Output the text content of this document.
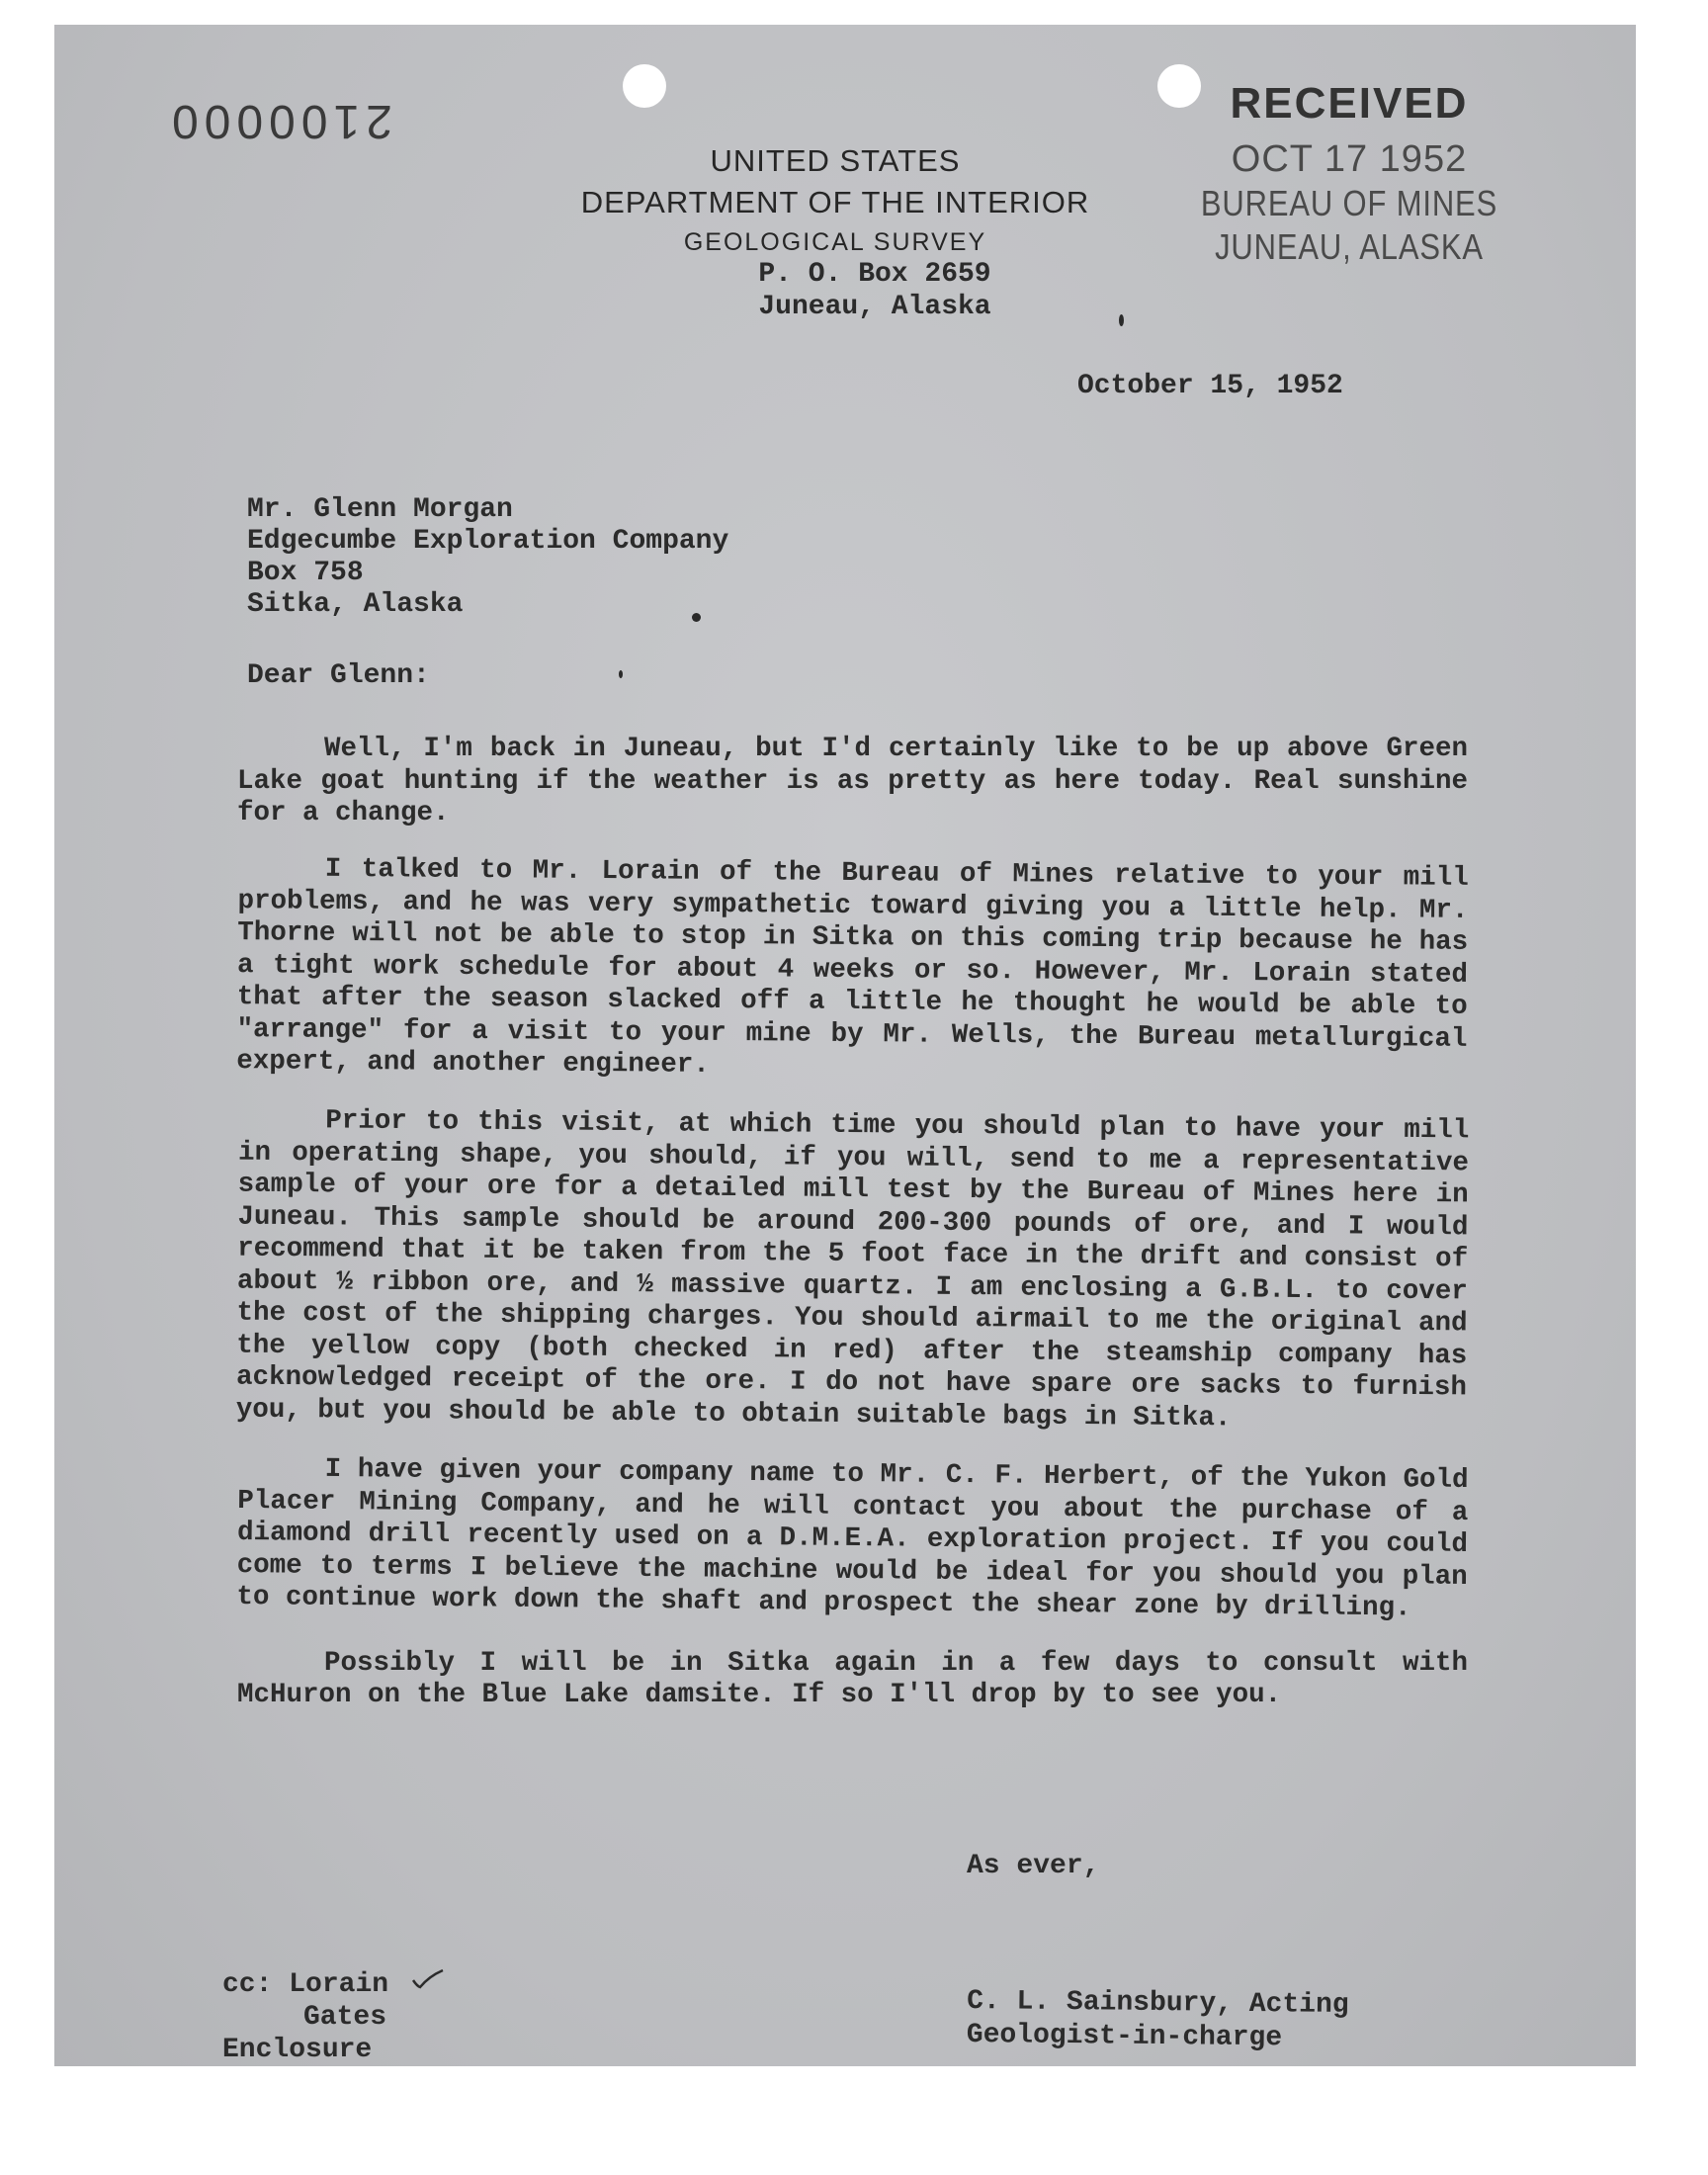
2100000	RECEIVED
OCT 17 1952
BUREAU OF MINES
JUNEAU, ALASKA
UNITED STATES
DEPARTMENT OF THE INTERIOR
GEOLOGICAL SURVEY
P. O. Box 2659
Juneau, Alaska
October 15, 1952
Mr. Glenn Morgan
Edgecumbe Exploration Company
Box 758
Sitka, Alaska
Dear Glenn:

Well, I'm back in Juneau, but I'd certainly like to be up above Green Lake goat hunting if the weather is as pretty as here today. Real sunshine for a change.

I talked to Mr. Lorain of the Bureau of Mines relative to your mill problems, and he was very sympathetic toward giving you a little help. Mr. Thorne will not be able to stop in Sitka on this coming trip because he has a tight work schedule for about 4 weeks or so. However, Mr. Lorain stated that after the season slacked off a little he thought he would be able to "arrange" for a visit to your mine by Mr. Wells, the Bureau metallurgical expert, and another engineer.

Prior to this visit, at which time you should plan to have your mill in operating shape, you should, if you will, send to me a representative sample of your ore for a detailed mill test by the Bureau of Mines here in Juneau. This sample should be around 200-300 pounds of ore, and I would recommend that it be taken from the 5 foot face in the drift and consist of about ½ ribbon ore, and ½ massive quartz. I am enclosing a G.B.L. to cover the cost of the shipping charges. You should airmail to me the original and the yellow copy (both checked in red) after the steamship company has acknowledged receipt of the ore. I do not have spare ore sacks to furnish you, but you should be able to obtain suitable bags in Sitka.

I have given your company name to Mr. C. F. Herbert, of the Yukon Gold Placer Mining Company, and he will contact you about the purchase of a diamond drill recently used on a D.M.E.A. exploration project. If you could come to terms I believe the machine would be ideal for you should you plan to continue work down the shaft and prospect the shear zone by drilling.

Possibly I will be in Sitka again in a few days to consult with McHuron on the Blue Lake damsite. If so I'll drop by to see you.

As ever,
C. L. Sainsbury, Acting
Geologist-in-charge
cc: Lorain
Gates
Enclosure
